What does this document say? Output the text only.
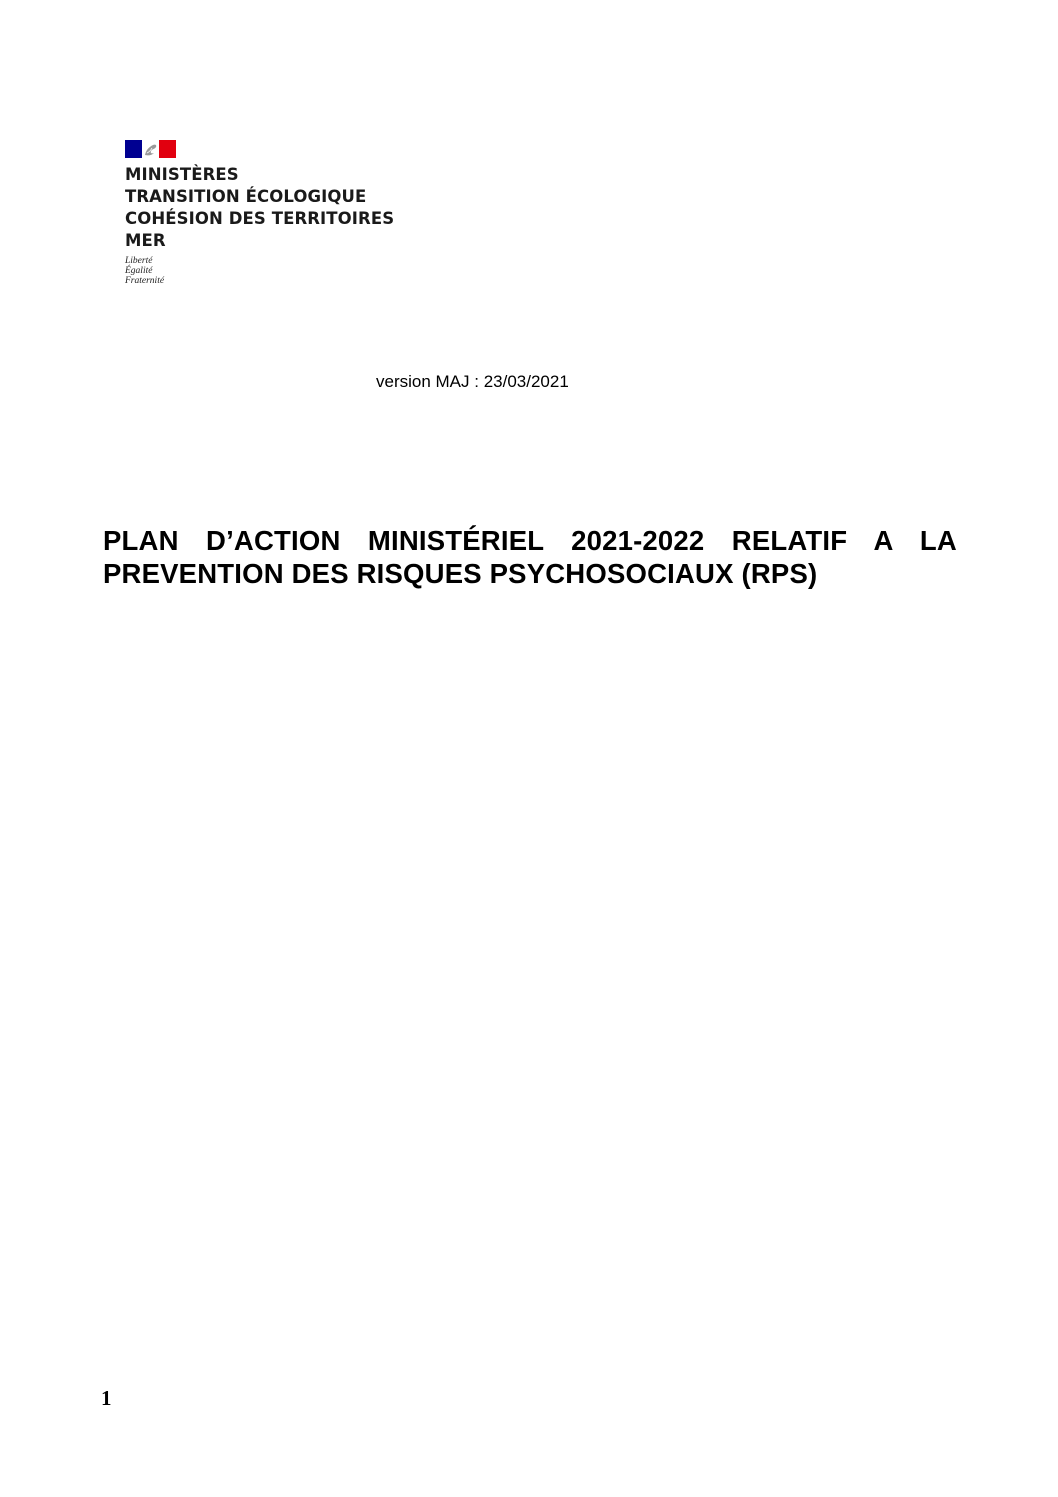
MINISTÈRES
TRANSITION ÉCOLOGIQUE
COHÉSION DES TERRITOIRES
MER
Liberté
Égalité
Fraternité
version MAJ : 23/03/2021
PLAN D’ACTION MINISTÉRIEL 2021-2022 RELATIF A LA PREVENTION DES RISQUES PSYCHOSOCIAUX (RPS)
1
